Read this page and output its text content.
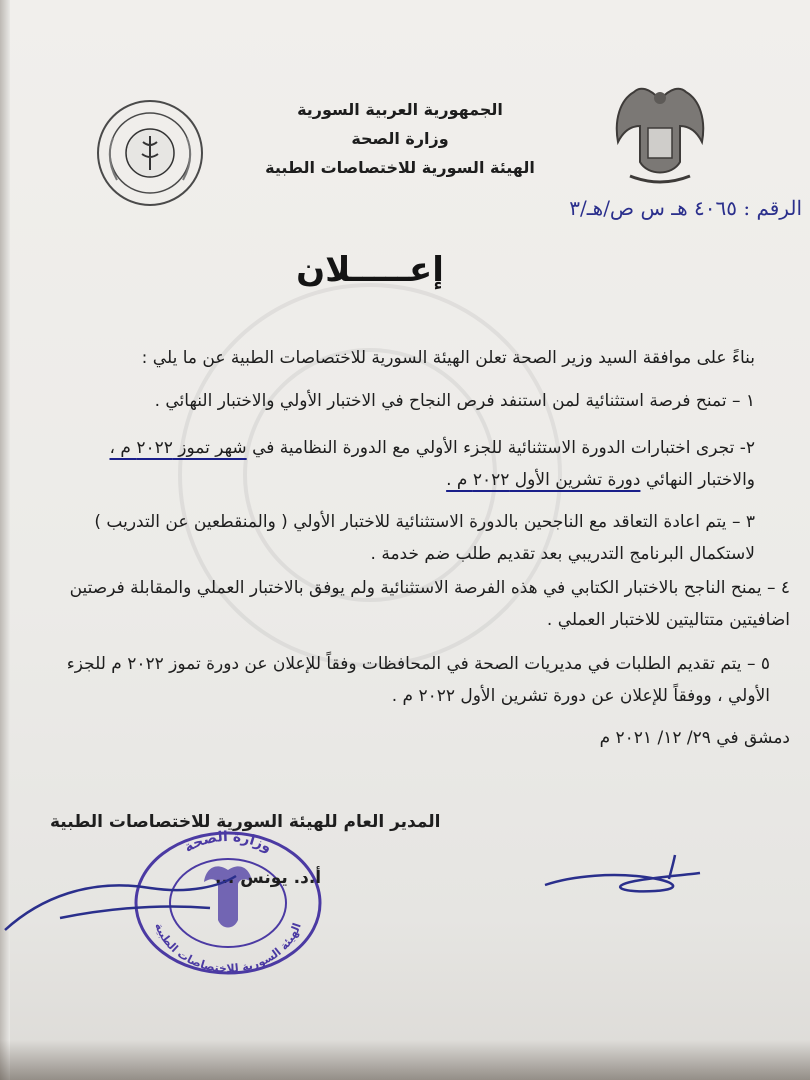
الجمهورية العربية السورية
وزارة الصحة
الهيئة السورية للاختصاصات الطبية
الرقم : ٤٠٦٥ هـ س ص/هـ/٣
إعـــــلان
بناءً على موافقة السيد وزير الصحة تعلن الهيئة السورية للاختصاصات الطبية عن ما يلي :
١ – تمنح فرصة استثنائية لمن استنفد فرص النجاح في الاختبار الأولي والاختبار النهائي .
٢- تجرى اختبارات الدورة الاستثنائية للجزء الأولي مع الدورة النظامية في شهر تموز ٢٠٢٢ م ،
والاختبار النهائي دورة تشرين الأول ٢٠٢٢ م .
٣ – يتم اعادة التعاقد مع الناجحين بالدورة الاستثنائية للاختبار الأولي ( والمنقطعين عن التدريب )
لاستكمال البرنامج التدريبي بعد تقديم طلب ضم خدمة .
٤ – يمنح الناجح بالاختبار الكتابي في هذه الفرصة الاستثنائية ولم يوفق بالاختبار العملي والمقابلة فرصتين
اضافيتين متتاليتين للاختبار العملي .
٥ – يتم تقديم الطلبات في مديريات الصحة في المحافظات وفقاً للإعلان عن دورة تموز ٢٠٢٢ م للجزء
الأولي ، ووفقاً للإعلان عن دورة تشرين الأول ٢٠٢٢ م .
دمشق في ٢٩/ ١٢/ ٢٠٢١ م
وزارة الصحة
الهيئة السورية للاختصاصات الطبية
المدير العام للهيئة السورية للاختصاصات الطبية
أ.د. يونس ...
